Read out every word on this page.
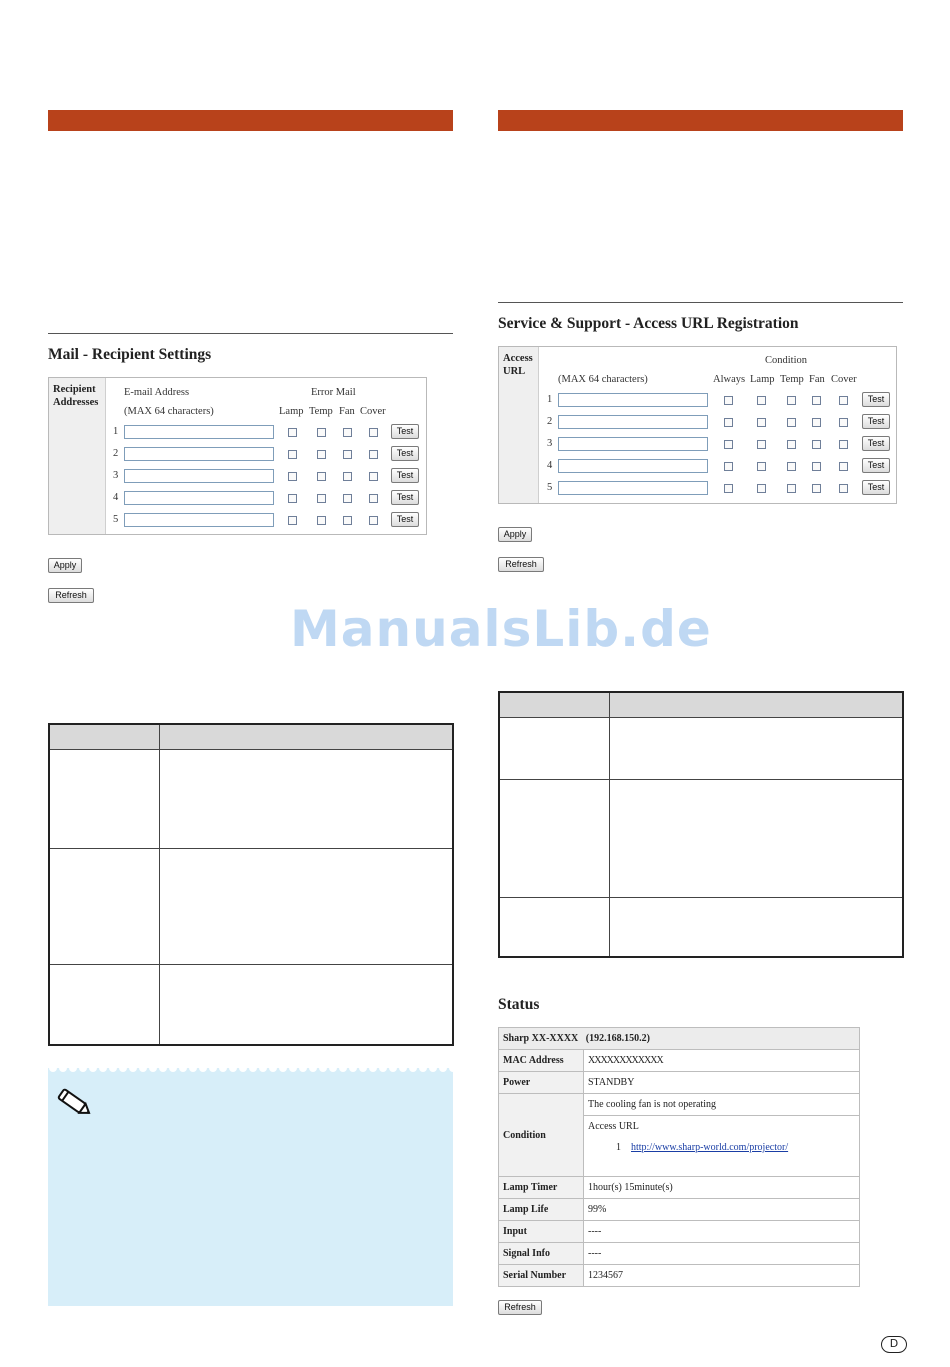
Mail - Recipient Settings
Recipient Addresses
E-mail Address
(MAX 64 characters)
Error Mail
Lamp Temp Fan Cover
1	Test
2	Test
3	Test
4	Test
5	Test
Apply
Refresh

ManualsLib.de
Service & Support - Access URL Registration
Access URL
Condition
(MAX 64 characters)	Always Lamp Temp Fan Cover
1	Test
2	Test
3	Test
4	Test
5	Test
Apply
Refresh

Status
Sharp XX-XXXX (192.168.150.2)	
MAC Address	XXXXXXXXXXXX
Power	STANDBY
Condition	The cooling fan is not operating

	Access URL
1 http://www.sharp-world.com/projector/

Lamp Timer	1hour(s) 15minute(s)
Lamp Life	99%
Input	----
Signal Info	----
Serial Number	1234567
Refresh
D
